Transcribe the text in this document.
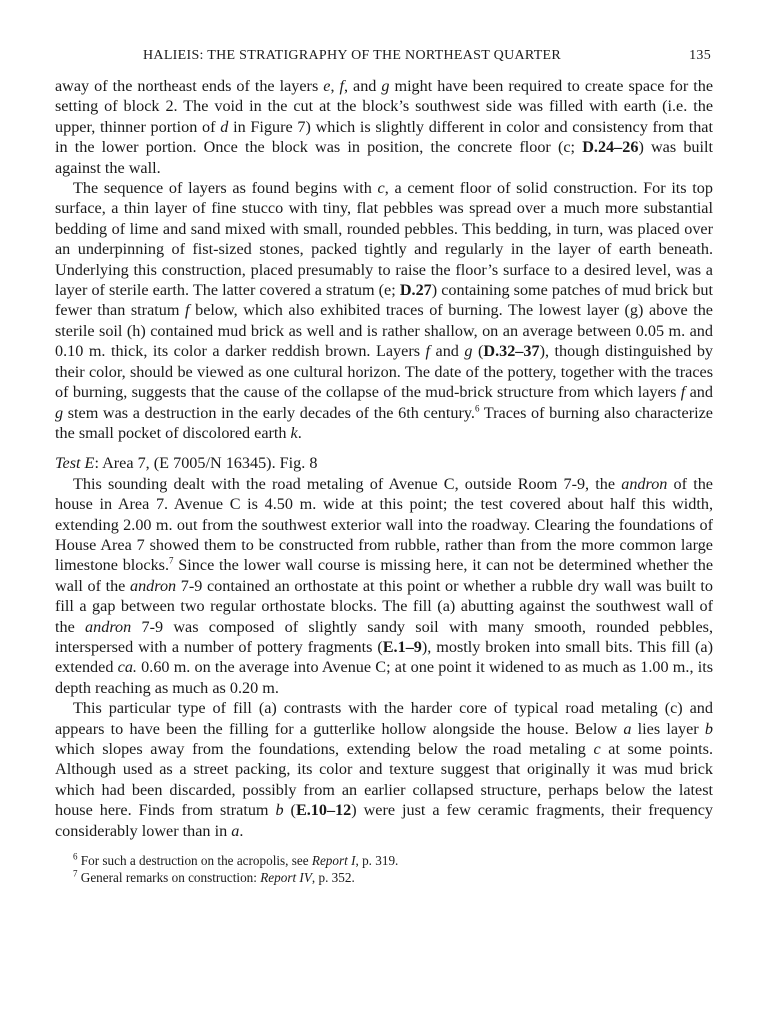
HALIEIS: THE STRATIGRAPHY OF THE NORTHEAST QUARTER	135

away of the northeast ends of the layers e, f, and g might have been required to create space for the setting of block 2. The void in the cut at the block’s southwest side was filled with earth (i.e. the upper, thinner portion of d in Figure 7) which is slightly different in color and consistency from that in the lower portion. Once the block was in position, the concrete floor (c; D.24–26) was built against the wall.

The sequence of layers as found begins with c, a cement floor of solid construction. For its top surface, a thin layer of fine stucco with tiny, flat pebbles was spread over a much more substantial bedding of lime and sand mixed with small, rounded pebbles. This bedding, in turn, was placed over an underpinning of fist-sized stones, packed tightly and regularly in the layer of earth beneath. Underlying this construction, placed presumably to raise the floor’s surface to a desired level, was a layer of sterile earth. The latter covered a stratum (e; D.27) containing some patches of mud brick but fewer than stratum f below, which also exhibited traces of burning. The lowest layer (g) above the sterile soil (h) contained mud brick as well and is rather shallow, on an average between 0.05 m. and 0.10 m. thick, its color a darker reddish brown. Layers f and g (D.32–37), though distinguished by their color, should be viewed as one cultural horizon. The date of the pottery, together with the traces of burning, suggests that the cause of the collapse of the mud-brick structure from which layers f and g stem was a destruction in the early decades of the 6th century.$^6$ Traces of burning also characterize the small pocket of discolored earth k.

Test E: Area 7, (E 7005/N 16345). Fig. 8

This sounding dealt with the road metaling of Avenue C, outside Room 7-9, the andron of the house in Area 7. Avenue C is 4.50 m. wide at this point; the test covered about half this width, extending 2.00 m. out from the southwest exterior wall into the roadway. Clearing the foundations of House Area 7 showed them to be constructed from rubble, rather than from the more common large limestone blocks.$^7$ Since the lower wall course is missing here, it can not be determined whether the wall of the andron 7-9 contained an orthostate at this point or whether a rubble dry wall was built to fill a gap between two regular orthostate blocks. The fill (a) abutting against the southwest wall of the andron 7-9 was composed of slightly sandy soil with many smooth, rounded pebbles, interspersed with a number of pottery fragments (E.1–9), mostly broken into small bits. This fill (a) extended ca. 0.60 m. on the average into Avenue C; at one point it widened to as much as 1.00 m., its depth reaching as much as 0.20 m.

This particular type of fill (a) contrasts with the harder core of typical road metaling (c) and appears to have been the filling for a gutterlike hollow alongside the house. Below a lies layer b which slopes away from the foundations, extending below the road metaling c at some points. Although used as a street packing, its color and texture suggest that originally it was mud brick which had been discarded, possibly from an earlier collapsed structure, perhaps below the latest house here. Finds from stratum b (E.10–12) were just a few ceramic fragments, their frequency considerably lower than in a.

$^6$ For such a destruction on the acropolis, see Report I, p. 319.

$^7$ General remarks on construction: Report IV, p. 352.
